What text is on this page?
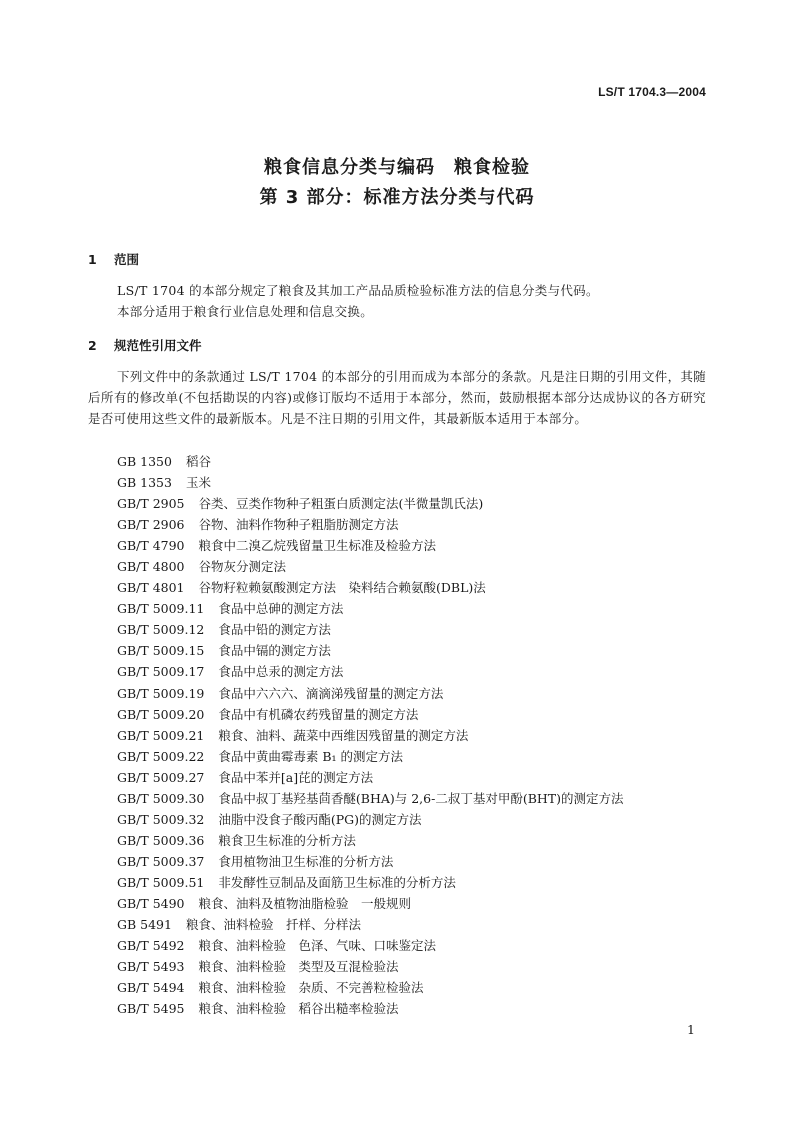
LS/T 1704.3—2004
粮食信息分类与编码　粮食检验
第 3 部分：标准方法分类与代码
1 范围
LS/T 1704 的本部分规定了粮食及其加工产品品质检验标准方法的信息分类与代码。
本部分适用于粮食行业信息处理和信息交换。
2 规范性引用文件
下列文件中的条款通过 LS/T 1704 的本部分的引用而成为本部分的条款。凡是注日期的引用文件，其随后所有的修改单(不包括勘误的内容)或修订版均不适用于本部分，然而，鼓励根据本部分达成协议的各方研究是否可使用这些文件的最新版本。凡是不注日期的引用文件，其最新版本适用于本部分。
GB 1350 稻谷
GB 1353 玉米
GB/T 2905 谷类、豆类作物种子粗蛋白质测定法(半微量凯氏法)
GB/T 2906 谷物、油料作物种子粗脂肪测定方法
GB/T 4790 粮食中二溴乙烷残留量卫生标准及检验方法
GB/T 4800 谷物灰分测定法
GB/T 4801 谷物籽粒赖氨酸测定方法　染料结合赖氨酸(DBL)法
GB/T 5009.11 食品中总砷的测定方法
GB/T 5009.12 食品中铅的测定方法
GB/T 5009.15 食品中镉的测定方法
GB/T 5009.17 食品中总汞的测定方法
GB/T 5009.19 食品中六六六、滴滴涕残留量的测定方法
GB/T 5009.20 食品中有机磷农药残留量的测定方法
GB/T 5009.21 粮食、油料、蔬菜中西维因残留量的测定方法
GB/T 5009.22 食品中黄曲霉毒素 B₁ 的测定方法
GB/T 5009.27 食品中苯并[a]芘的测定方法
GB/T 5009.30 食品中叔丁基羟基茴香醚(BHA)与 2,6-二叔丁基对甲酚(BHT)的测定方法
GB/T 5009.32 油脂中没食子酸丙酯(PG)的测定方法
GB/T 5009.36 粮食卫生标准的分析方法
GB/T 5009.37 食用植物油卫生标准的分析方法
GB/T 5009.51 非发酵性豆制品及面筋卫生标准的分析方法
GB/T 5490 粮食、油料及植物油脂检验　一般规则
GB 5491 粮食、油料检验　扦样、分样法
GB/T 5492 粮食、油料检验　色泽、气味、口味鉴定法
GB/T 5493 粮食、油料检验　类型及互混检验法
GB/T 5494 粮食、油料检验　杂质、不完善粒检验法
GB/T 5495 粮食、油料检验　稻谷出糙率检验法
1
